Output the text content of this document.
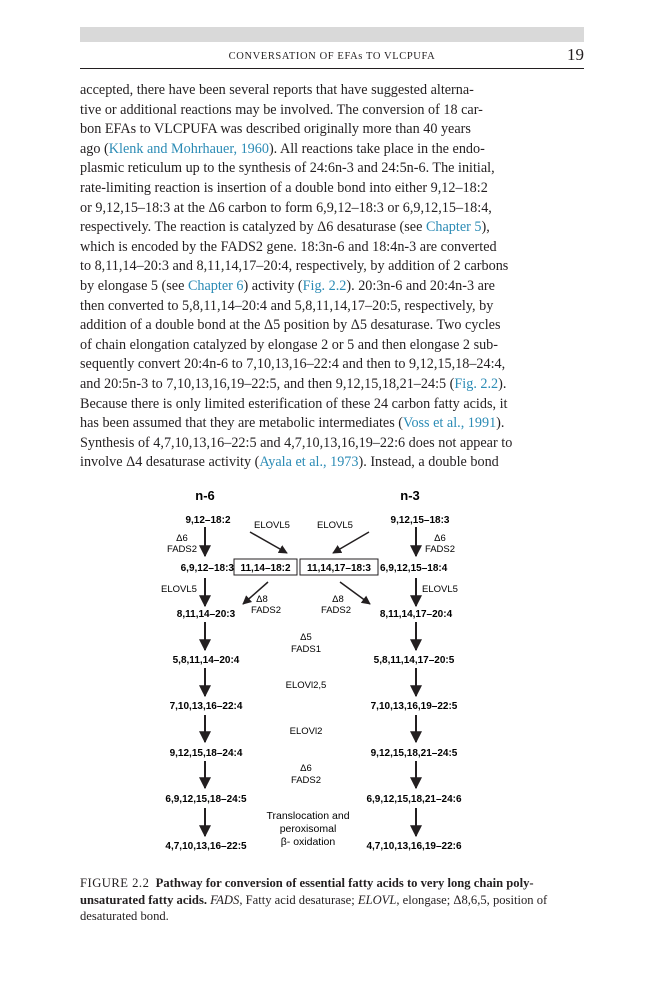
CONVERSATION OF EFAs TO VLCPUFA	19
accepted, there have been several reports that have suggested alterna-
tive or additional reactions may be involved. The conversion of 18 car-
bon EFAs to VLCPUFA was described originally more than 40 years
ago (Klenk and Mohrhauer, 1960). All reactions take place in the endo-
plasmic reticulum up to the synthesis of 24:6n-3 and 24:5n-6. The initial,
rate-limiting reaction is insertion of a double bond into either 9,12–18:2
or 9,12,15–18:3 at the Δ6 carbon to form 6,9,12–18:3 or 6,9,12,15–18:4,
respectively. The reaction is catalyzed by Δ6 desaturase (see Chapter 5),
which is encoded by the FADS2 gene. 18:3n-6 and 18:4n-3 are converted
to 8,11,14–20:3 and 8,11,14,17–20:4, respectively, by addition of 2 carbons
by elongase 5 (see Chapter 6) activity (Fig. 2.2). 20:3n-6 and 20:4n-3 are
then converted to 5,8,11,14–20:4 and 5,8,11,14,17–20:5, respectively, by
addition of a double bond at the Δ5 position by Δ5 desaturase. Two cycles
of chain elongation catalyzed by elongase 2 or 5 and then elongase 2 sub-
sequently convert 20:4n-6 to 7,10,13,16–22:4 and then to 9,12,15,18–24:4,
and 20:5n-3 to 7,10,13,16,19–22:5, and then 9,12,15,18,21–24:5 (Fig. 2.2).
Because there is only limited esterification of these 24 carbon fatty acids, it
has been assumed that they are metabolic intermediates (Voss et al., 1991).
Synthesis of 4,7,10,13,16–22:5 and 4,7,10,13,16,19–22:6 does not appear to
involve Δ4 desaturase activity (Ayala et al., 1973). Instead, a double bond
n-6	n-3
9,12–18:2	9,12,15–18:3
ELOVL5	ELOVL5
Δ6
FADS2
Δ6
FADS2
6,9,12–18:3 11,14–18:2 11,14,17–18:3 6,9,12,15–18:4
ELOVL5	ELOVL5
Δ8
FADS2
Δ8
FADS2
8,11,14–20:3	8,11,14,17–20:4
Δ5
FADS1
5,8,11,14–20:4	5,8,11,14,17–20:5
ELOVl2,5
7,10,13,16–22:4	7,10,13,16,19–22:5
ELOVl2
9,12,15,18–24:4	9,12,15,18,21–24:5
Δ6
FADS2
6,9,12,15,18–24:5	6,9,12,15,18,21–24:6
Translocation and
peroxisomal
β- oxidation
4,7,10,13,16–22:5	4,7,10,13,16,19–22:6
FIGURE 2.2 Pathway for conversion of essential fatty acids to very long chain poly-
unsaturated fatty acids. FADS, Fatty acid desaturase; ELOVL, elongase; Δ8,6,5, position of
desaturated bond.
